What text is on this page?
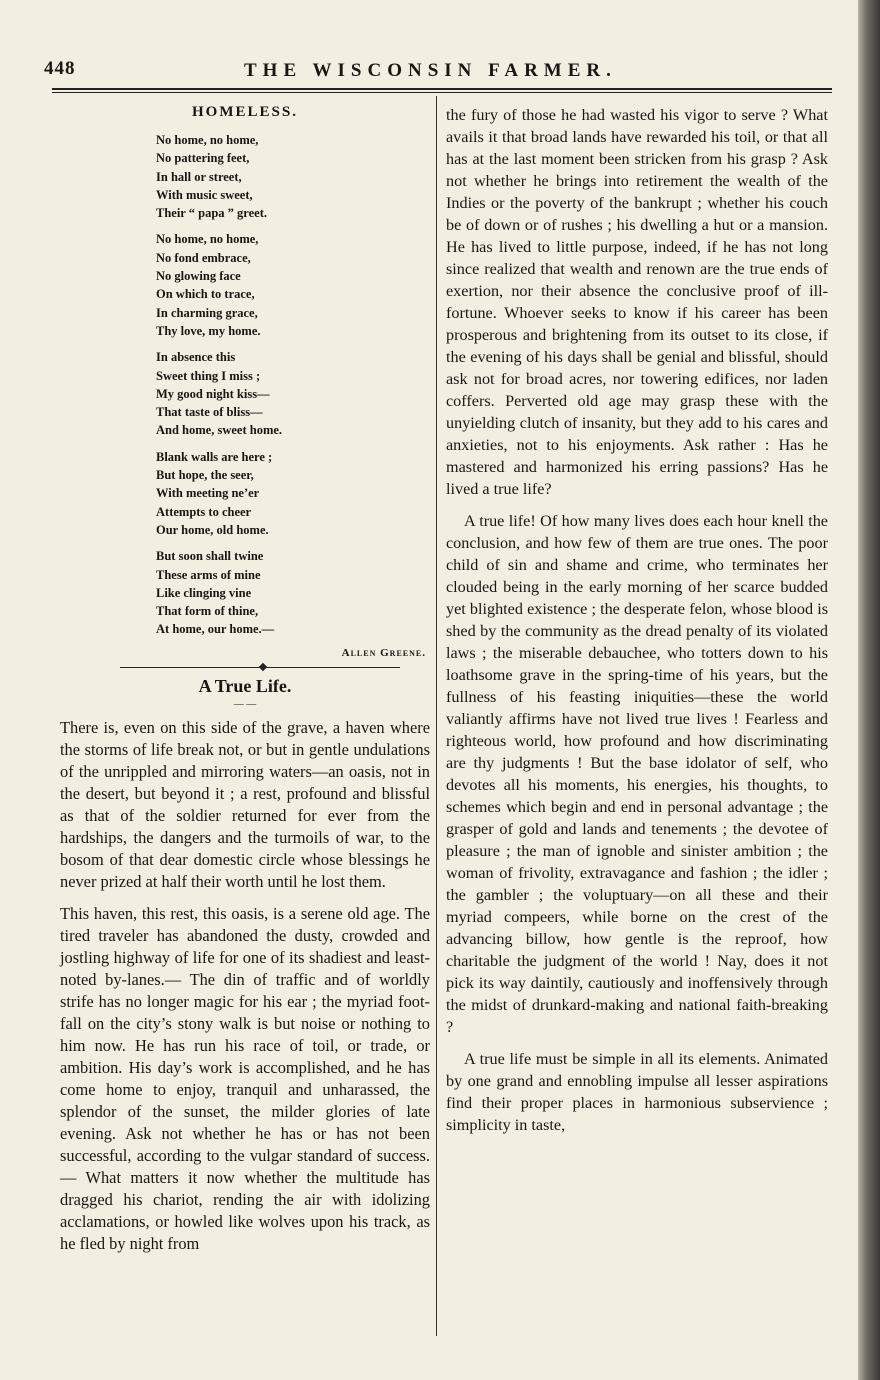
448	THE WISCONSIN FARMER.
HOMELESS.
No home, no home,
No pattering feet,
In hall or street,
With music sweet,
Their “ papa ” greet.
No home, no home,
No fond embrace,
No glowing face
On which to trace,
In charming grace,
Thy love, my home.
In absence this
Sweet thing I miss ;
My good night kiss—
That taste of bliss—
And home, sweet home.
Blank walls are here ;
But hope, the seer,
With meeting ne’er
Attempts to cheer
Our home, old home.
But soon shall twine
These arms of mine
Like clinging vine
That form of thine,
At home, our home.—
Allen Greene.
A True Life.
— —

There is, even on this side of the grave, a haven where the storms of life break not, or but in gentle undulations of the unrippled and mirroring waters—an oasis, not in the desert, but beyond it ; a rest, profound and blissful as that of the soldier returned for ever from the hardships, the dangers and the turmoils of war, to the bosom of that dear domestic circle whose blessings he never prized at half their worth until he lost them.

This haven, this rest, this oasis, is a serene old age. The tired traveler has abandoned the dusty, crowded and jostling highway of life for one of its shadiest and least-noted by-lanes.— The din of traffic and of worldly strife has no longer magic for his ear ; the myriad foot-fall on the city’s stony walk is but noise or nothing to him now. He has run his race of toil, or trade, or ambition. His day’s work is accomplished, and he has come home to enjoy, tranquil and unharassed, the splendor of the sunset, the milder glories of late evening. Ask not whether he has or has not been successful, according to the vulgar standard of success.— What matters it now whether the multitude has dragged his chariot, rending the air with idolizing acclamations, or howled like wolves upon his track, as he fled by night from

the fury of those he had wasted his vigor to serve ? What avails it that broad lands have rewarded his toil, or that all has at the last moment been stricken from his grasp ? Ask not whether he brings into retirement the wealth of the Indies or the poverty of the bankrupt ; whether his couch be of down or of rushes ; his dwelling a hut or a mansion. He has lived to little purpose, indeed, if he has not long since realized that wealth and renown are the true ends of exertion, nor their absence the conclusive proof of ill-fortune. Whoever seeks to know if his career has been prosperous and brightening from its outset to its close, if the evening of his days shall be genial and blissful, should ask not for broad acres, nor towering edifices, nor laden coffers. Perverted old age may grasp these with the unyielding clutch of insanity, but they add to his cares and anxieties, not to his enjoyments. Ask rather : Has he mastered and harmonized his erring passions? Has he lived a true life?

A true life! Of how many lives does each hour knell the conclusion, and how few of them are true ones. The poor child of sin and shame and crime, who terminates her clouded being in the early morning of her scarce budded yet blighted existence ; the desperate felon, whose blood is shed by the community as the dread penalty of its violated laws ; the miserable debauchee, who totters down to his loathsome grave in the spring-time of his years, but the fullness of his feasting iniquities—these the world valiantly affirms have not lived true lives ! Fearless and righteous world, how profound and how discriminating are thy judgments ! But the base idolator of self, who devotes all his moments, his energies, his thoughts, to schemes which begin and end in personal advantage ; the grasper of gold and lands and tenements ; the devotee of pleasure ; the man of ignoble and sinister ambition ; the woman of frivolity, extravagance and fashion ; the idler ; the gambler ; the voluptuary—on all these and their myriad compeers, while borne on the crest of the advancing billow, how gentle is the reproof, how charitable the judgment of the world ! Nay, does it not pick its way daintily, cautiously and inoffensively through the midst of drunkard-making and national faith-breaking ?

A true life must be simple in all its elements. Animated by one grand and ennobling impulse all lesser aspirations find their proper places in harmonious subservience ; simplicity in taste,
